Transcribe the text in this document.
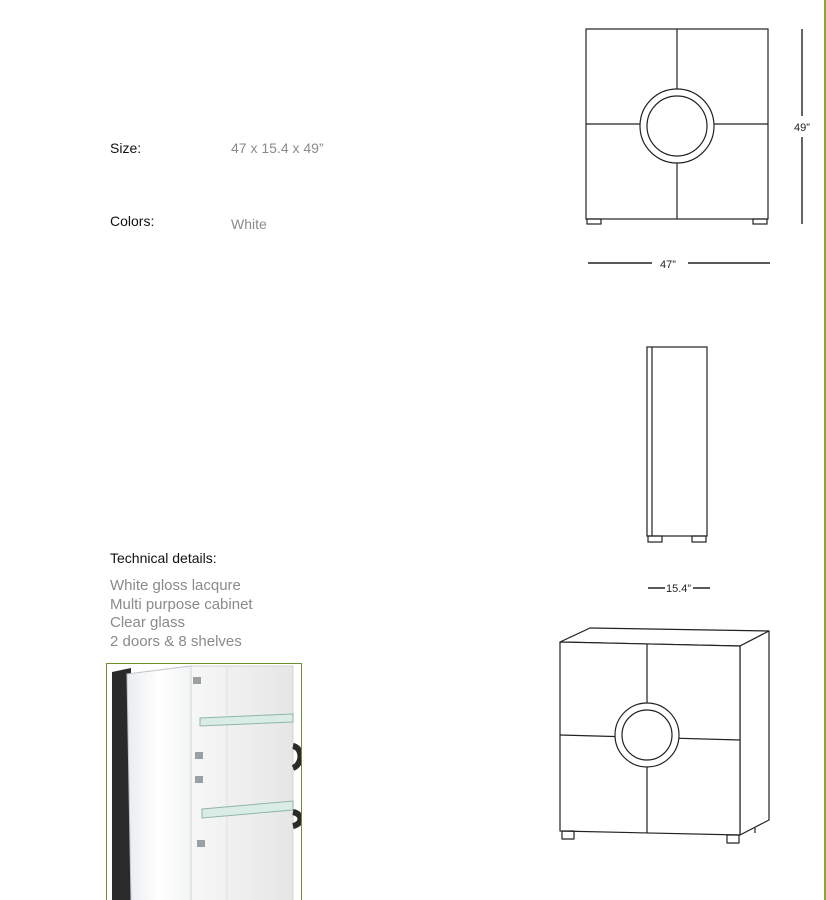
Size:	47 x 15.4 x 49”
Colors:	White
Technical details:
White gloss lacqure
Multi purpose cabinet
Clear glass
2 doors & 8 shelves
49”
47”
15.4”
